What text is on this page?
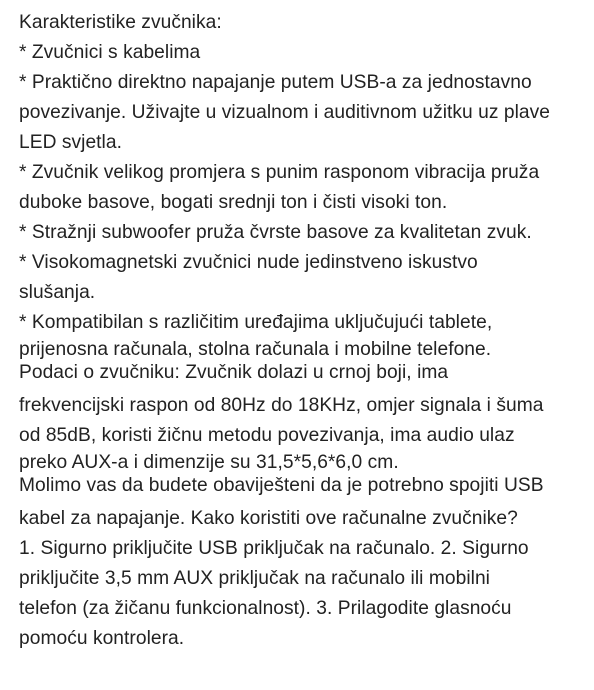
Karakteristike zvučnika:

* Zvučnici s kabelima

* Praktično direktno napajanje putem USB-a za jednostavno

povezivanje. Uživajte u vizualnom i auditivnom užitku uz plave

LED svjetla.

* Zvučnik velikog promjera s punim rasponom vibracija pruža

duboke basove, bogati srednji ton i čisti visoki ton.

* Stražnji subwoofer pruža čvrste basove za kvalitetan zvuk.

* Visokomagnetski zvučnici nude jedinstveno iskustvo

slušanja.

* Kompatibilan s različitim uređajima uključujući tablete,

prijenosna računala, stolna računala i mobilne telefone.

Podaci o zvučniku: Zvučnik dolazi u crnoj boji, ima

frekvencijski raspon od 80Hz do 18KHz, omjer signala i šuma

od 85dB, koristi žičnu metodu povezivanja, ima audio ulaz

preko AUX-a i dimenzije su 31,5*5,6*6,0 cm.

Molimo vas da budete obaviješteni da je potrebno spojiti USB

kabel za napajanje. Kako koristiti ove računalne zvučnike?

1. Sigurno priključite USB priključak na računalo. 2. Sigurno

priključite 3,5 mm AUX priključak na računalo ili mobilni

telefon (za žičanu funkcionalnost). 3. Prilagodite glasnoću

pomoću kontrolera.
